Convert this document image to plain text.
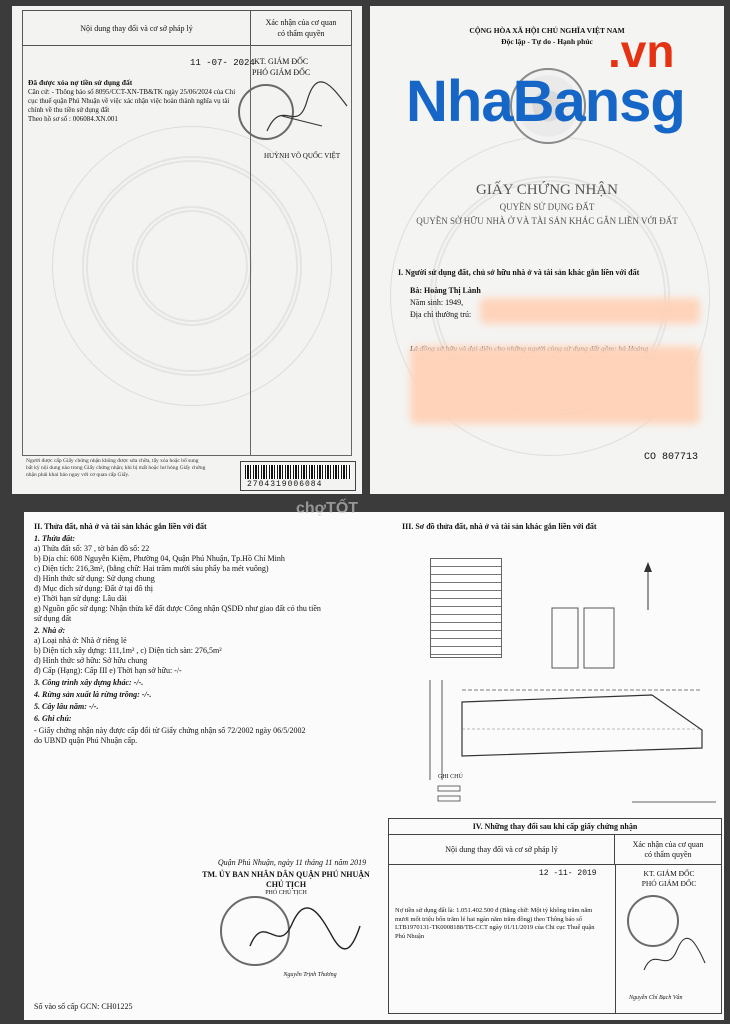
Nội dung thay đổi và cơ sở pháp lý
Xác nhận của cơ quan
có thẩm quyền
11 -07- 2024 KT. GIÁM ĐỐC
PHÓ GIÁM ĐỐC
HUỲNH VÕ QUỐC VIỆT
Đã được xóa nợ tiền sử dụng đất
Căn cứ: - Thông báo số 8095/CCT-XN-TB&TK ngày 25/06/2024 của Chi cục thuế quận Phú Nhuận về việc xác nhận việc hoàn thành nghĩa vụ tài chính về thu tiền sử dụng đất
Theo hồ sơ số : 006084.XN.001
Người được cấp Giấy chứng nhận không được sửa chữa, tẩy xóa hoặc bổ sung bất kỳ nội dung nào trong Giấy chứng nhận; khi bị mất hoặc hư hỏng Giấy chứng nhận phải khai báo ngay với cơ quan cấp Giấy.
2704319006084
CỘNG HÒA XÃ HỘI CHỦ NGHĨA VIỆT NAM
Độc lập - Tự do - Hạnh phúc .vn
NhaBansg
GIẤY CHỨNG NHẬN
QUYỀN SỬ DỤNG ĐẤT
QUYỀN SỞ HỮU NHÀ Ở VÀ TÀI SẢN KHÁC GẮN LIỀN VỚI ĐẤT
I. Người sử dụng đất, chủ sở hữu nhà ở và tài sản khác gắn liền với đất
Bà: Hoàng Thị Lành
Năm sinh: 1949,
Địa chỉ thường trú:
CO 807713
II. Thửa đất, nhà ở và tài sản khác gắn liền với đất
1. Thửa đất:
a) Thửa đất số: 37 , tờ bản đồ số: 22
b) Địa chỉ: 608 Nguyễn Kiệm, Phường 04, Quận Phú Nhuận, Tp.Hồ Chí Minh
c) Diện tích: 216,3m², (bằng chữ: Hai trăm mười sáu phẩy ba mét vuông)
d) Hình thức sử dụng: Sử dụng chung
đ) Mục đích sử dụng: Đất ở tại đô thị
e) Thời hạn sử dụng: Lâu dài
g) Nguồn gốc sử dụng: Nhận thừa kế đất được Công nhận QSDĐ như giao đất có thu tiền
sử dụng đất
2. Nhà ở:
a) Loại nhà ở: Nhà ở riêng lẻ
b) Diện tích xây dựng: 111,1m² , c) Diện tích sàn: 276,5m²
d) Hình thức sở hữu: Sở hữu chung
đ) Cấp (Hạng): Cấp III e) Thời hạn sở hữu: -/-
3. Công trình xây dựng khác: -/-.
4. Rừng sản xuất là rừng trồng: -/-.
5. Cây lâu năm: -/-.
6. Ghi chú:
- Giấy chứng nhận này được cấp đổi từ Giấy chứng nhận số 72/2002 ngày 06/5/2002
do UBND quận Phú Nhuận cấp.
III. Sơ đồ thửa đất, nhà ở và tài sản khác gắn liền với đất
GHI CHÚ
Quận Phú Nhuận, ngày 11 tháng 11 năm 2019
TM. ỦY BAN NHÂN DÂN QUẬN PHÚ NHUẬN
CHỦ TỊCH
PHÓ CHỦ TỊCH
Nguyễn Trịnh Thương
Số vào sổ cấp GCN: CH01225
IV. Những thay đổi sau khi cấp giấy chứng nhận
Nội dung thay đổi và cơ sở pháp lý
Xác nhận của cơ quan
có thẩm quyền
12 -11- 2019	KT. GIÁM ĐỐC
PHÓ GIÁM ĐỐC
Nguyễn Chí Bạch Vân
Nợ tiền sử dụng đất là: 1.051.402.500 đ (Bằng chữ: Một tỷ không trăm năm mươi mốt triệu bốn trăm lẻ hai ngàn năm trăm đồng) theo Thông báo số LTB1970131-TK0008188/TB-CCT ngày 01/11/2019 của Chi cục Thuế quận Phú Nhuận
chợTỐT
